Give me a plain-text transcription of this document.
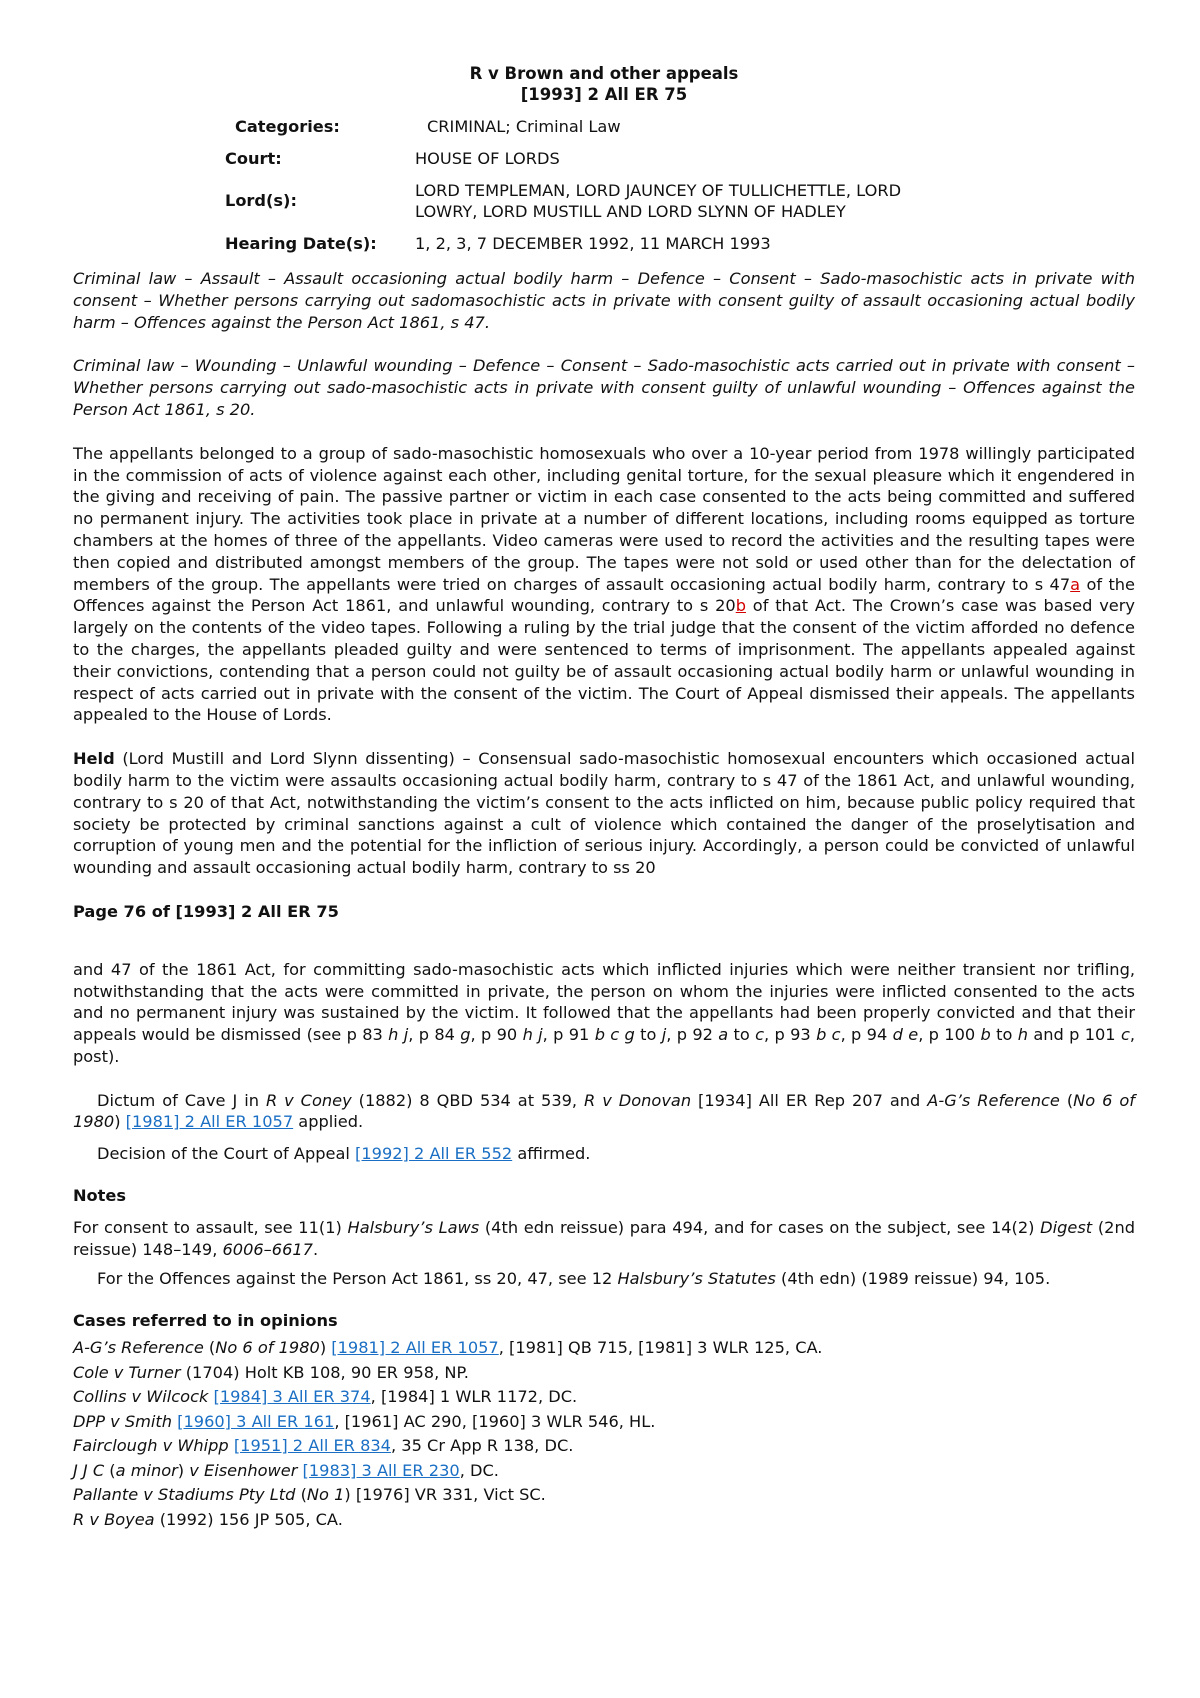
R v Brown and other appeals
[1993] 2 All ER 75
Categories:	CRIMINAL; Criminal Law
Court:	HOUSE OF LORDS
Lord(s):	LORD TEMPLEMAN, LORD JAUNCEY OF TULLICHETTLE, LORD
LOWRY, LORD MUSTILL AND LORD SLYNN OF HADLEY
Hearing Date(s):	1, 2, 3, 7 DECEMBER 1992, 11 MARCH 1993

Criminal law – Assault – Assault occasioning actual bodily harm – Defence – Consent – Sado-masochistic acts in private with consent – Whether persons carrying out sadomasochistic acts in private with consent guilty of assault occasioning actual bodily harm – Offences against the Person Act 1861, s 47.

Criminal law – Wounding – Unlawful wounding – Defence – Consent – Sado-masochistic acts carried out in private with consent – Whether persons carrying out sado-masochistic acts in private with consent guilty of unlawful wounding – Offences against the Person Act 1861, s 20.

The appellants belonged to a group of sado-masochistic homosexuals who over a 10-year period from 1978 willingly participated in the commission of acts of violence against each other, including genital torture, for the sexual pleasure which it engendered in the giving and receiving of pain. The passive partner or victim in each case consented to the acts being committed and suffered no permanent injury. The activities took place in private at a number of different locations, including rooms equipped as torture chambers at the homes of three of the appellants. Video cameras were used to record the activities and the resulting tapes were then copied and distributed amongst members of the group. The tapes were not sold or used other than for the delectation of members of the group. The appellants were tried on charges of assault occasioning actual bodily harm, contrary to s 47a of the Offences against the Person Act 1861, and unlawful wounding, contrary to s 20b of that Act. The Crown’s case was based very largely on the contents of the video tapes. Following a ruling by the trial judge that the consent of the victim afforded no defence to the charges, the appellants pleaded guilty and were sentenced to terms of imprisonment. The appellants appealed against their convictions, contending that a person could not guilty be of assault occasioning actual bodily harm or unlawful wounding in respect of acts carried out in private with the consent of the victim. The Court of Appeal dismissed their appeals. The appellants appealed to the House of Lords.

Held (Lord Mustill and Lord Slynn dissenting) – Consensual sado-masochistic homosexual encounters which occasioned actual bodily harm to the victim were assaults occasioning actual bodily harm, contrary to s 47 of the 1861 Act, and unlawful wounding, contrary to s 20 of that Act, notwithstanding the victim’s consent to the acts inflicted on him, because public policy required that society be protected by criminal sanctions against a cult of violence which contained the danger of the proselytisation and corruption of young men and the potential for the infliction of serious injury. Accordingly, a person could be convicted of unlawful wounding and assault occasioning actual bodily harm, contrary to ss 20

Page 76 of [1993] 2 All ER 75

and 47 of the 1861 Act, for committing sado-masochistic acts which inflicted injuries which were neither transient nor trifling, notwithstanding that the acts were committed in private, the person on whom the injuries were inflicted consented to the acts and no permanent injury was sustained by the victim. It followed that the appellants had been properly convicted and that their appeals would be dismissed (see p 83 h j, p 84 g, p 90 h j, p 91 b c g to j, p 92 a to c, p 93 b c, p 94 d e, p 100 b to h and p 101 c, post).

Dictum of Cave J in R v Coney (1882) 8 QBD 534 at 539, R v Donovan [1934] All ER Rep 207 and A-G’s Reference (No 6 of 1980) [1981] 2 All ER 1057 applied.

Decision of the Court of Appeal [1992] 2 All ER 552 affirmed.

Notes

For consent to assault, see 11(1) Halsbury’s Laws (4th edn reissue) para 494, and for cases on the subject, see 14(2) Digest (2nd reissue) 148–149, 6006–6617.

For the Offences against the Person Act 1861, ss 20, 47, see 12 Halsbury’s Statutes (4th edn) (1989 reissue) 94, 105.

Cases referred to in opinions
A-G’s Reference (No 6 of 1980) [1981] 2 All ER 1057, [1981] QB 715, [1981] 3 WLR 125, CA.
Cole v Turner (1704) Holt KB 108, 90 ER 958, NP.
Collins v Wilcock [1984] 3 All ER 374, [1984] 1 WLR 1172, DC.
DPP v Smith [1960] 3 All ER 161, [1961] AC 290, [1960] 3 WLR 546, HL.
Fairclough v Whipp [1951] 2 All ER 834, 35 Cr App R 138, DC.
J J C (a minor) v Eisenhower [1983] 3 All ER 230, DC.
Pallante v Stadiums Pty Ltd (No 1) [1976] VR 331, Vict SC.
R v Boyea (1992) 156 JP 505, CA.
